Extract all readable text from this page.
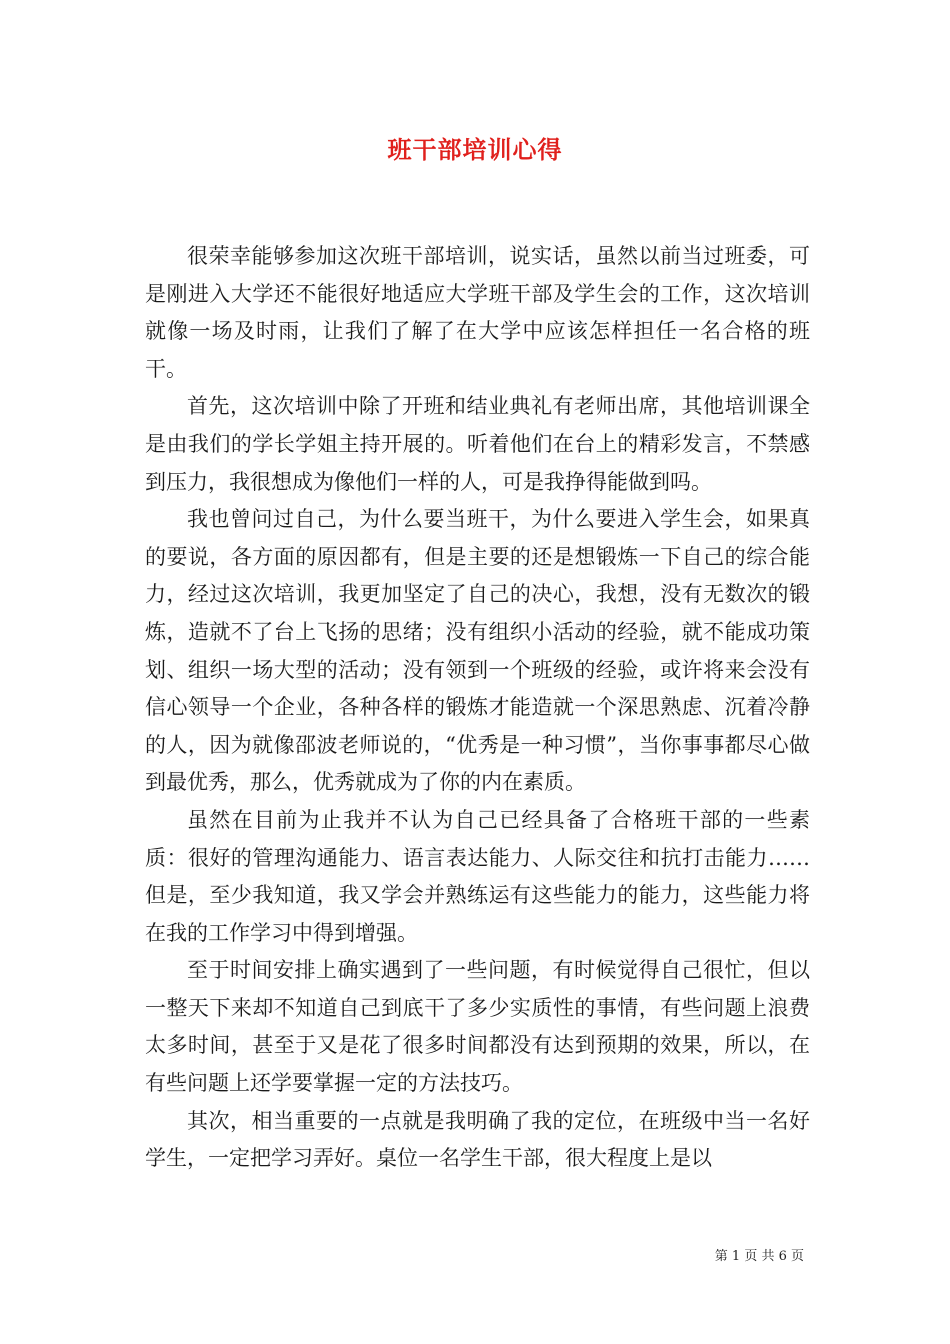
班干部培训心得

很荣幸能够参加这次班干部培训，说实话，虽然以前当过班委，可是刚进入大学还不能很好地适应大学班干部及学生会的工作，这次培训就像一场及时雨，让我们了解了在大学中应该怎样担任一名合格的班干。

首先，这次培训中除了开班和结业典礼有老师出席，其他培训课全是由我们的学长学姐主持开展的。听着他们在台上的精彩发言，不禁感到压力，我很想成为像他们一样的人，可是我挣得能做到吗。

我也曾问过自己，为什么要当班干，为什么要进入学生会，如果真的要说，各方面的原因都有，但是主要的还是想锻炼一下自己的综合能力，经过这次培训，我更加坚定了自己的决心，我想，没有无数次的锻炼，造就不了台上飞扬的思绪；没有组织小活动的经验，就不能成功策划、组织一场大型的活动；没有领到一个班级的经验，或许将来会没有信心领导一个企业，各种各样的锻炼才能造就一个深思熟虑、沉着冷静的人，因为就像邵波老师说的，“优秀是一种习惯”，当你事事都尽心做到最优秀，那么，优秀就成为了你的内在素质。

虽然在目前为止我并不认为自己已经具备了合格班干部的一些素质：很好的管理沟通能力、语言表达能力、人际交往和抗打击能力……但是，至少我知道，我又学会并熟练运有这些能力的能力，这些能力将在我的工作学习中得到增强。

至于时间安排上确实遇到了一些问题，有时候觉得自己很忙，但以一整天下来却不知道自己到底干了多少实质性的事情，有些问题上浪费太多时间，甚至于又是花了很多时间都没有达到预期的效果，所以，在有些问题上还学要掌握一定的方法技巧。

其次，相当重要的一点就是我明确了我的定位，在班级中当一名好学生，一定把学习弄好。桌位一名学生干部，很大程度上是以

第 1 页 共 6 页
